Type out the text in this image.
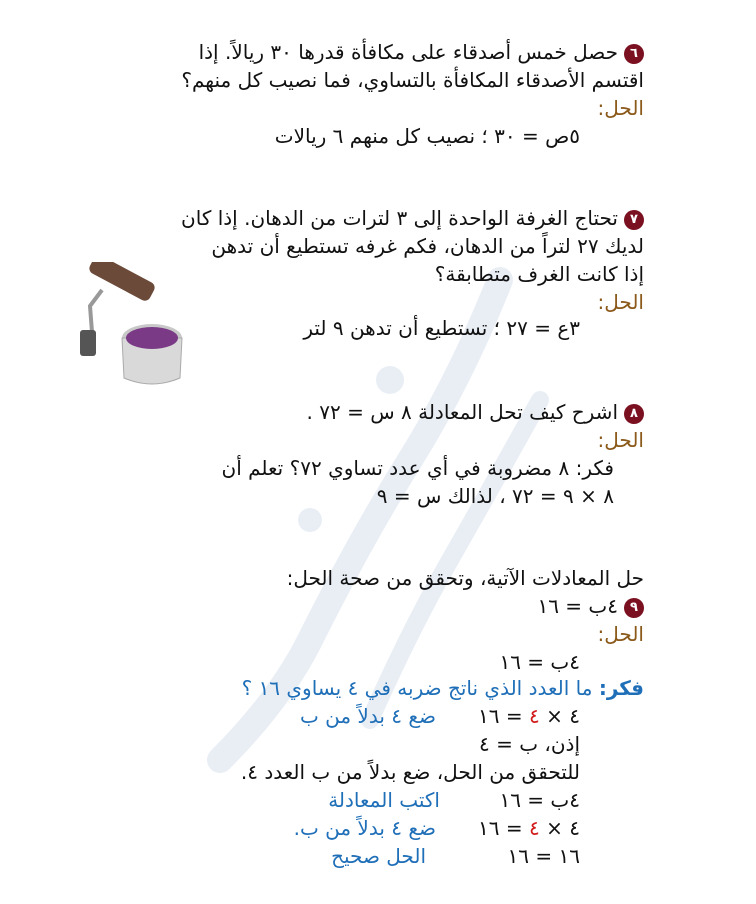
٦حصل خمس أصدقاء على مكافأة قدرها ٣٠ ريالاً. إذا
اقتسم الأصدقاء المكافأة بالتساوي، فما نصيب كل منهم؟
الحل:
٥ص = ٣٠ ؛ نصيب كل منهم ٦ ريالات
٧تحتاج الغرفة الواحدة إلى ٣ لترات من الدهان. إذا كان
لديك ٢٧ لتراً من الدهان، فكم غرفه تستطيع أن تدهن
إذا كانت الغرف متطابقة؟
الحل:
٣ع = ٢٧ ؛ تستطيع أن تدهن ٩ لتر
٨اشرح كيف تحل المعادلة ٨ س = ٧٢ .
الحل:
فكر: ٨ مضروبة في أي عدد تساوي ٧٢؟ تعلم أن
٨ × ٩ = ٧٢ ، لذالك س = ٩
حل المعادلات الآتية، وتحقق من صحة الحل:
٩٤ب = ١٦
الحل:
٤ب = ١٦
فكر: ما العدد الذي ناتج ضربه في ٤ يساوي ١٦ ؟
٤ × ٤ = ١٦
ضع ٤ بدلاً من ب
إذن، ب = ٤
للتحقق من الحل، ضع بدلاً من ب العدد ٤.
٤ب = ١٦
اكتب المعادلة
٤ × ٤ = ١٦
ضع ٤ بدلاً من ب.
١٦ = ١٦
الحل صحيح
